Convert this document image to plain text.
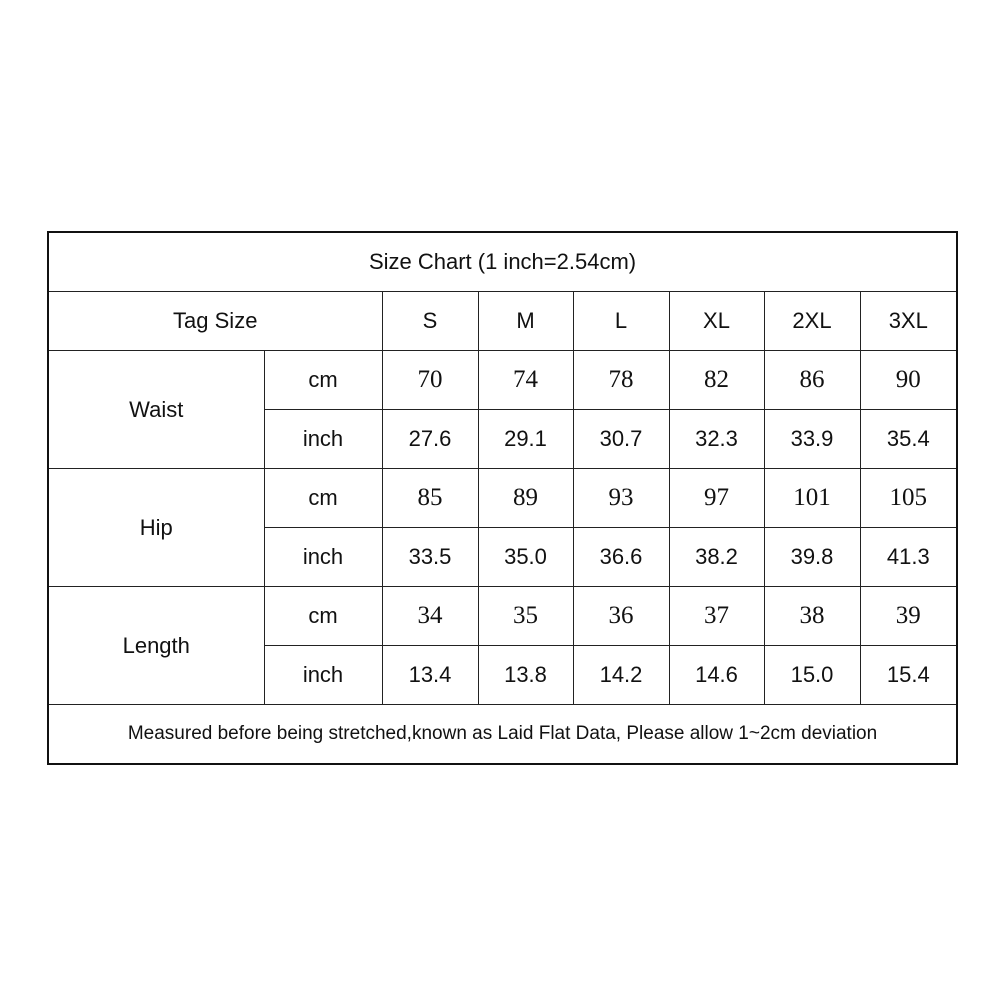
Size Chart (1 inch=2.54cm)							
Tag Size		S	M	L	XL	2XL	3XL
Waist	cm	70	74	78	82	86	90
	inch	27.6	29.1	30.7	32.3	33.9	35.4
Hip	cm	85	89	93	97	101	105
	inch	33.5	35.0	36.6	38.2	39.8	41.3
Length	cm	34	35	36	37	38	39
	inch	13.4	13.8	14.2	14.6	15.0	15.4
Measured before being stretched,known as Laid Flat Data, Please allow 1~2cm deviation							
